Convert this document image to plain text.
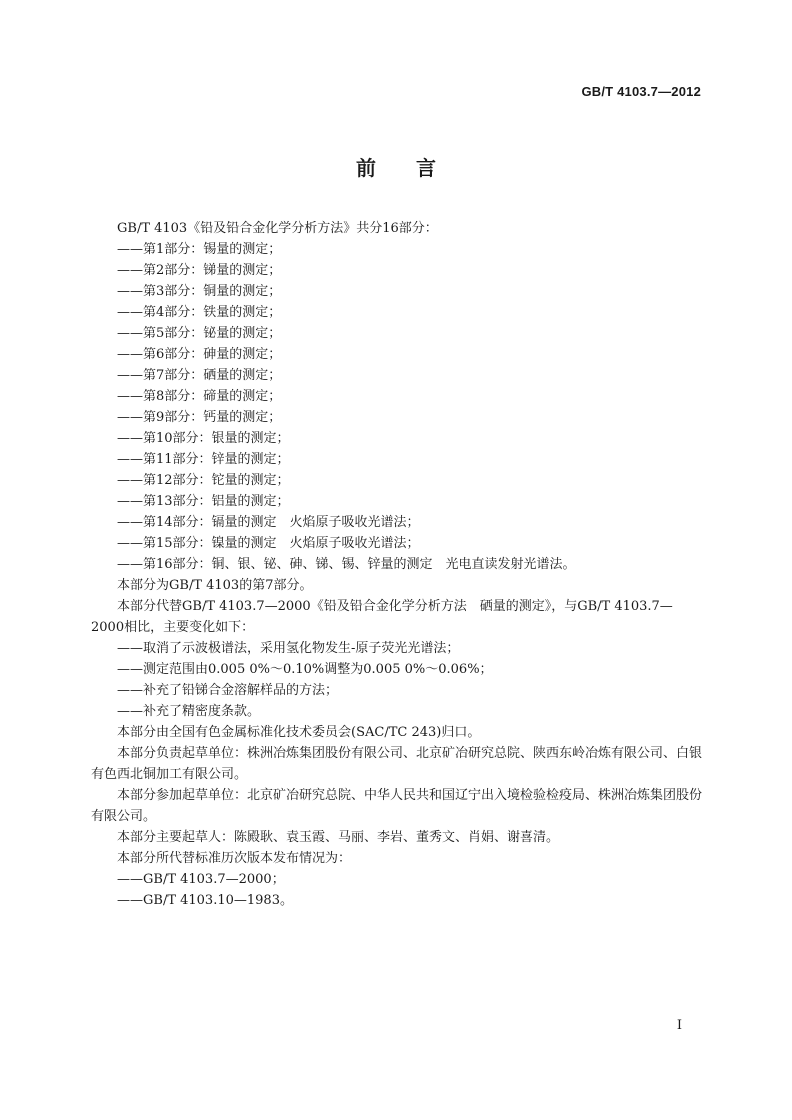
GB/T 4103.7—2012
前 言
GB/T 4103《铅及铅合金化学分析方法》共分16部分：
——第1部分：锡量的测定；
——第2部分：锑量的测定；
——第3部分：铜量的测定；
——第4部分：铁量的测定；
——第5部分：铋量的测定；
——第6部分：砷量的测定；
——第7部分：硒量的测定；
——第8部分：碲量的测定；
——第9部分：钙量的测定；
——第10部分：银量的测定；
——第11部分：锌量的测定；
——第12部分：铊量的测定；
——第13部分：铝量的测定；
——第14部分：镉量的测定　火焰原子吸收光谱法；
——第15部分：镍量的测定　火焰原子吸收光谱法；
——第16部分：铜、银、铋、砷、锑、锡、锌量的测定　光电直读发射光谱法。
本部分为GB/T 4103的第7部分。
本部分代替GB/T 4103.7—2000《铅及铅合金化学分析方法　硒量的测定》，与GB/T 4103.7—2000相比，主要变化如下：
——取消了示波极谱法，采用氢化物发生-原子荧光光谱法；
——测定范围由0.005 0%～0.10%调整为0.005 0%～0.06%；
——补充了铅锑合金溶解样品的方法；
——补充了精密度条款。
本部分由全国有色金属标准化技术委员会(SAC/TC 243)归口。
本部分负责起草单位：株洲冶炼集团股份有限公司、北京矿冶研究总院、陕西东岭冶炼有限公司、白银有色西北铜加工有限公司。
本部分参加起草单位：北京矿冶研究总院、中华人民共和国辽宁出入境检验检疫局、株洲冶炼集团股份有限公司。
本部分主要起草人：陈殿耿、袁玉霞、马丽、李岩、董秀文、肖娟、谢喜清。
本部分所代替标准历次版本发布情况为：
——GB/T 4103.7—2000；
——GB/T 4103.10—1983。
I
